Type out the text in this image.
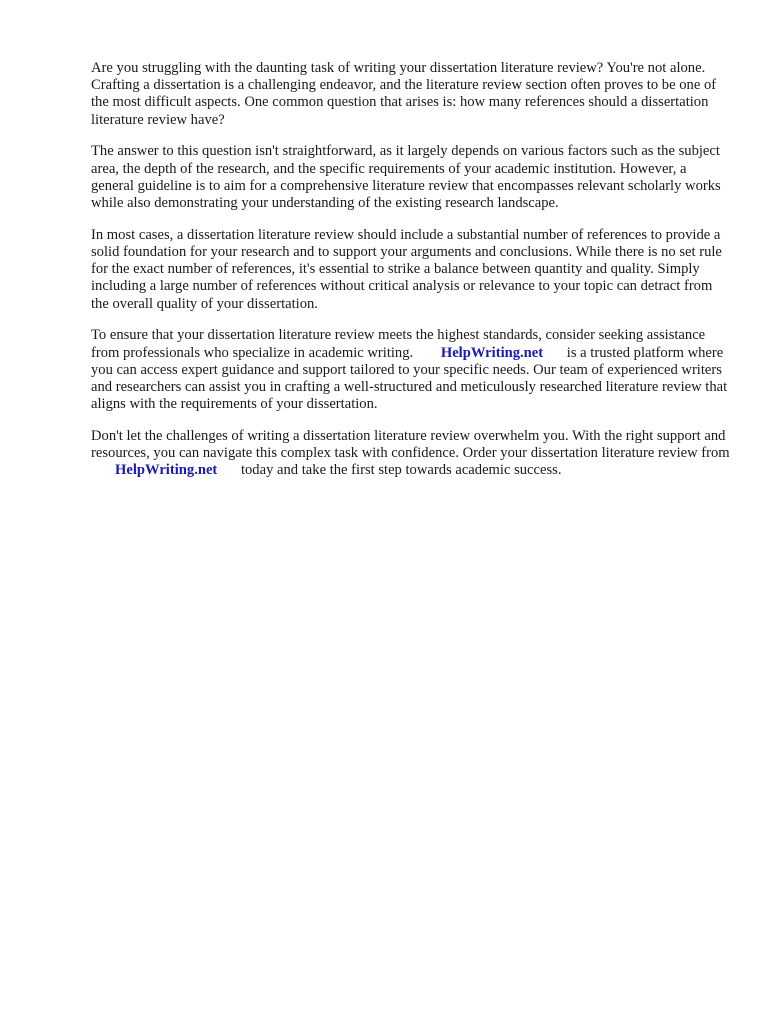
Are you struggling with the daunting task of writing your dissertation literature review? You're not alone. Crafting a dissertation is a challenging endeavor, and the literature review section often proves to be one of the most difficult aspects. One common question that arises is: how many references should a dissertation literature review have?

The answer to this question isn't straightforward, as it largely depends on various factors such as the subject area, the depth of the research, and the specific requirements of your academic institution. However, a general guideline is to aim for a comprehensive literature review that encompasses relevant scholarly works while also demonstrating your understanding of the existing research landscape.

In most cases, a dissertation literature review should include a substantial number of references to provide a solid foundation for your research and to support your arguments and conclusions. While there is no set rule for the exact number of references, it's essential to strike a balance between quantity and quality. Simply including a large number of references without critical analysis or relevance to your topic can detract from the overall quality of your dissertation.

To ensure that your dissertation literature review meets the highest standards, consider seeking assistance from professionals who specialize in academic writing. HelpWriting.net is a trusted platform where you can access expert guidance and support tailored to your specific needs. Our team of experienced writers and researchers can assist you in crafting a well-structured and meticulously researched literature review that aligns with the requirements of your dissertation.

Don't let the challenges of writing a dissertation literature review overwhelm you. With the right support and resources, you can navigate this complex task with confidence. Order your dissertation literature review from HelpWriting.net today and take the first step towards academic success.
